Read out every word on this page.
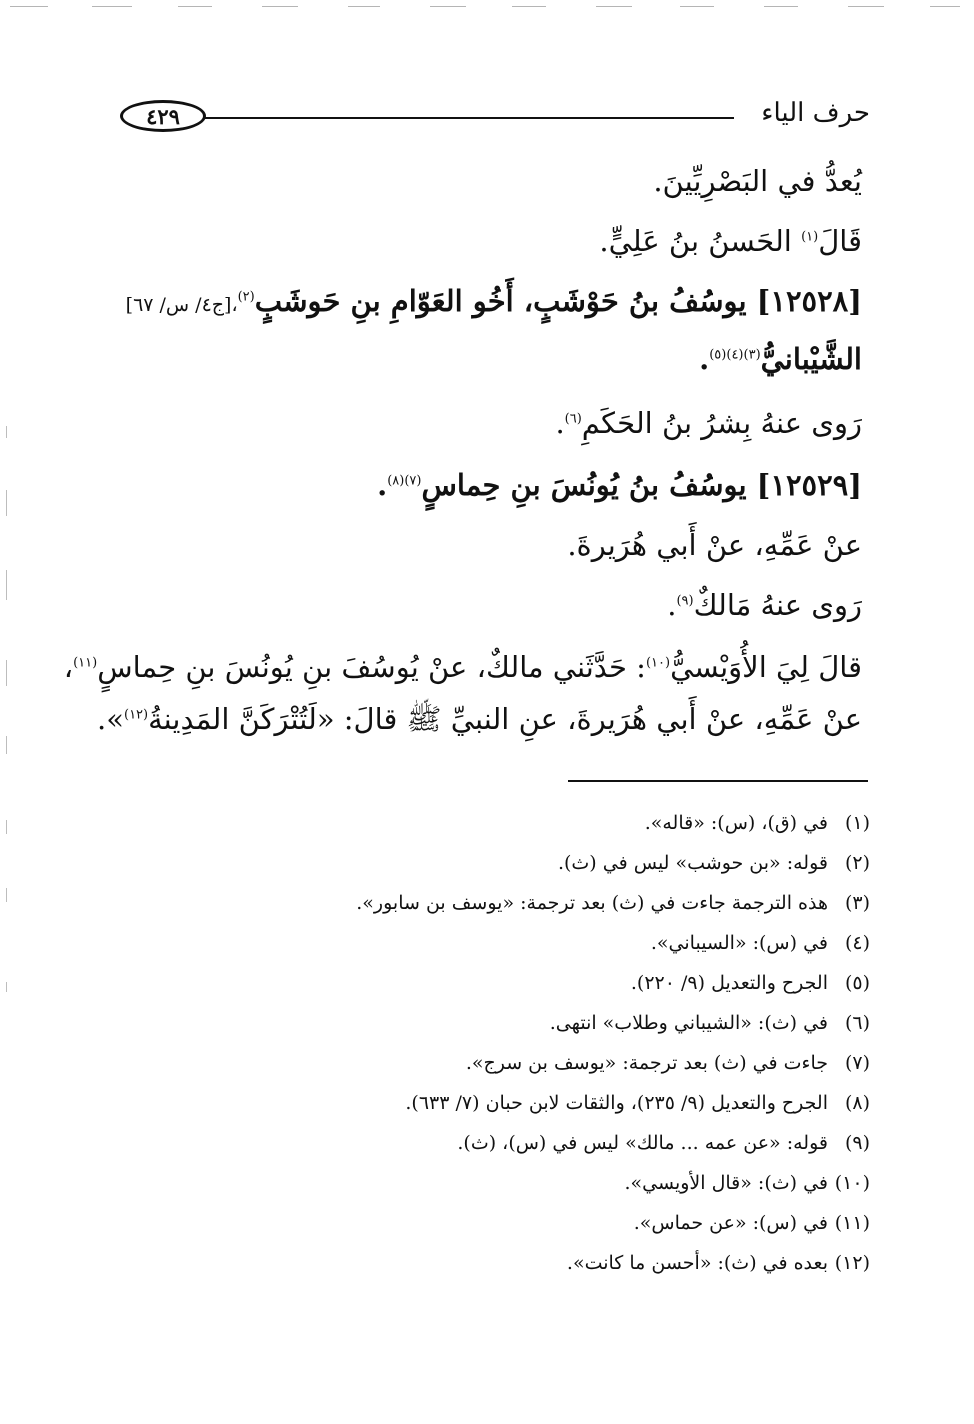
٤٢٩	حرف الياء

يُعدُّ في البَصْرِيِّينَ.

قَالَ$^{(١)}$ الحَسنُ بنُ عَلِيٍّ.

[١٢٥٢٨] يوسُفُ بنُ حَوْشَبٍ، أَخُو العَوّامِ بنِ حَوشَبٍ$^{(٢)}$،[ج٤/ س/ ٦٧]

الشَّيْبانيُّ$^{(٣)(٤)(٥)}$.

رَوى عنهُ بِشرُ بنُ الحَكَمِ$^{(٦)}$.

[١٢٥٢٩] يوسُفُ بنُ يُونُسَ بنِ حِماسٍ$^{(٧)(٨)}$.

عنْ عَمِّهِ، عنْ أَبي هُرَيرةَ.

رَوى عنهُ مَالكٌ$^{(٩)}$.

قالَ لِيَ الأُوَيْسيُّ$^{(١٠)}$: حَدَّثَني مالكٌ، عنْ يُوسُفَ بنِ يُونُسَ بنِ حِماسٍ$^{(١١)}$،

عنْ عَمِّهِ، عنْ أَبي هُرَيرةَ، عنِ النبيِّ ﷺ قالَ: «لَتُتْرَكَنَّ المَدِينةُ$^{(١٢)}$».

(١)في (ق)، (س): «قاله».
(٢)قوله: «بن حوشب» ليس في (ث).
(٣)هذه الترجمة جاءت في (ث) بعد ترجمة: «يوسف بن سابور».
(٤)في (س): «السيباني».
(٥)الجرح والتعديل (٩/ ٢٢٠).
(٦)في (ث): «الشيباني وطلاب» انتهى.
(٧)جاءت في (ث) بعد ترجمة: «يوسف بن سرج».
(٨)الجرح والتعديل (٩/ ٢٣٥)، والثقات لابن حبان (٧/ ٦٣٣).
(٩)قوله: «عن عمه ... مالك» ليس في (س)، (ث).
(١٠)في (ث): «قال الأويسي».
(١١)في (س): «عن حماس».
(١٢)بعده في (ث): «أحسن ما كانت».
